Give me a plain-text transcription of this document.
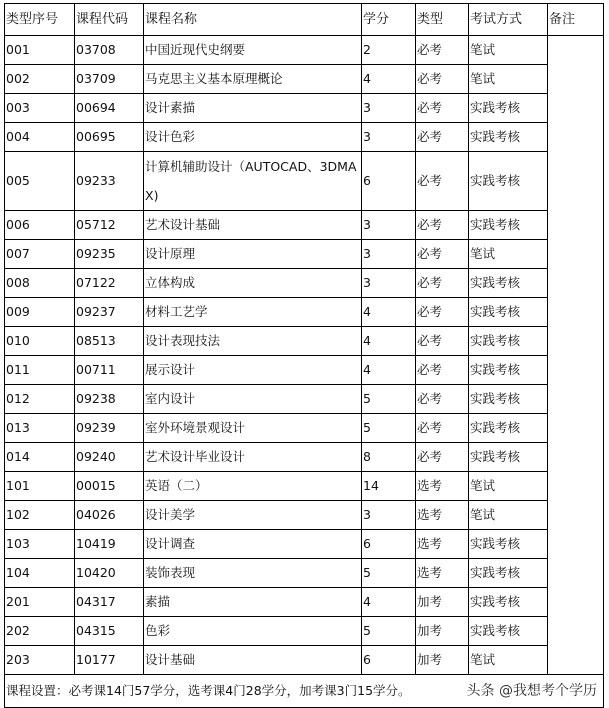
类型序号	课程代码	课程名称	学分	类型	考试方式	备注
001	03708	中国近现代史纲要	2	必考	笔试	
002	03709	马克思主义基本原理概论	4	必考	笔试	
003	00694	设计素描	3	必考	实践考核	
004	00695	设计色彩	3	必考	实践考核	
005	09233	计算机辅助设计（AUTOCAD、3DMAX)	6	必考	实践考核	
006	05712	艺术设计基础	3	必考	实践考核	
007	09235	设计原理	3	必考	笔试	
008	07122	立体构成	3	必考	实践考核	
009	09237	材料工艺学	4	必考	实践考核	
010	08513	设计表现技法	4	必考	实践考核	
011	00711	展示设计	4	必考	实践考核	
012	09238	室内设计	5	必考	实践考核	
013	09239	室外环境景观设计	5	必考	实践考核	
014	09240	艺术设计毕业设计	8	必考	实践考核	
101	00015	英语（二）	14	选考	笔试	
102	04026	设计美学	3	选考	笔试	
103	10419	设计调查	6	选考	实践考核	
104	10420	装饰表现	5	选考	实践考核	
201	04317	素描	4	加考	实践考核	
202	04315	色彩	5	加考	实践考核	
203	10177	设计基础	6	加考	笔试	
课程设置：必考课14门57学分，选考课4门28学分，加考课3门15学分。 头条 @我想考个学历						
